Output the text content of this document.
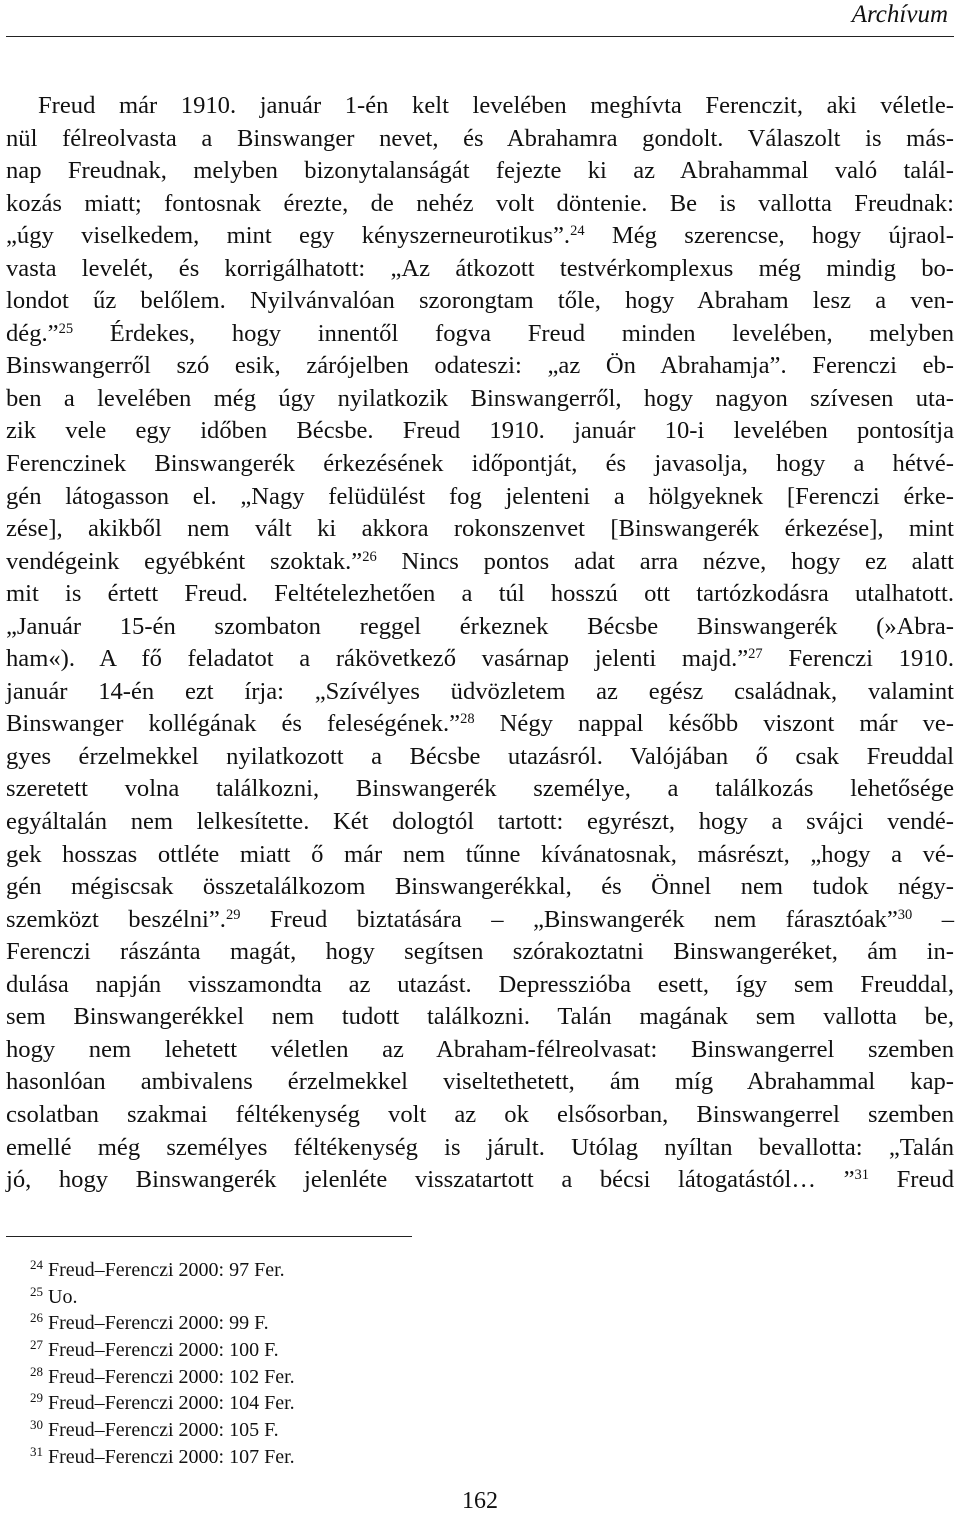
Archívum
Freud már 1910. január 1-én kelt levelében meghívta Ferenczit, aki véletle-
nül félreolvasta a Binswanger nevet, és Abrahamra gondolt. Válaszolt is más-
nap Freudnak, melyben bizonytalanságát fejezte ki az Abrahammal való talál-
kozás miatt; fontosnak érezte, de nehéz volt döntenie. Be is vallotta Freudnak:
„úgy viselkedem, mint egy kényszerneurotikus”.$^{24}$ Még szerencse, hogy újraol-
vasta levelét, és korrigálhatott: „Az átkozott testvérkomplexus még mindig bo-
londot űz belőlem. Nyilvánvalóan szorongtam tőle, hogy Abraham lesz a ven-
dég.”$^{25}$ Érdekes, hogy innentől fogva Freud minden levelében, melyben
Binswangerről szó esik, zárójelben odateszi: „az Ön Abrahamja”. Ferenczi eb-
ben a levelében még úgy nyilatkozik Binswangerről, hogy nagyon szívesen uta-
zik vele egy időben Bécsbe. Freud 1910. január 10-i levelében pontosítja
Ferenczinek Binswangerék érkezésének időpontját, és javasolja, hogy a hétvé-
gén látogasson el. „Nagy felüdülést fog jelenteni a hölgyeknek [Ferenczi érke-
zése], akikből nem vált ki akkora rokonszenvet [Binswangerék érkezése], mint
vendégeink egyébként szoktak.”$^{26}$ Nincs pontos adat arra nézve, hogy ez alatt
mit is értett Freud. Feltételezhetően a túl hosszú ott tartózkodásra utalhatott.
„Január 15-én szombaton reggel érkeznek Bécsbe Binswangerék (»Abra-
ham«). A fő feladatot a rákövetkező vasárnap jelenti majd.”$^{27}$ Ferenczi 1910.
január 14-én ezt írja: „Szívélyes üdvözletem az egész családnak, valamint
Binswanger kollégának és feleségének.”$^{28}$ Négy nappal később viszont már ve-
gyes érzelmekkel nyilatkozott a Bécsbe utazásról. Valójában ő csak Freuddal
szeretett volna találkozni, Binswangerék személye, a találkozás lehetősége
egyáltalán nem lelkesítette. Két dologtól tartott: egyrészt, hogy a svájci vendé-
gek hosszas ottléte miatt ő már nem tűnne kívánatosnak, másrészt, „hogy a vé-
gén mégiscsak összetalálkozom Binswangerékkal, és Önnel nem tudok négy-
szemközt beszélni”.$^{29}$ Freud biztatására – „Binswangerék nem fárasztóak”$^{30}$ –
Ferenczi rászánta magát, hogy segítsen szórakoztatni Binswangeréket, ám in-
dulása napján visszamondta az utazást. Depresszióba esett, így sem Freuddal,
sem Binswangerékkel nem tudott találkozni. Talán magának sem vallotta be,
hogy nem lehetett véletlen az Abraham-félreolvasat: Binswangerrel szemben
hasonlóan ambivalens érzelmekkel viseltethetett, ám míg Abrahammal kap-
csolatban szakmai féltékenység volt az ok elsősorban, Binswangerrel szemben
emellé még személyes féltékenység is járult. Utólag nyíltan bevallotta: „Talán
jó, hogy Binswangerék jelenléte visszatartott a bécsi látogatástól… ”$^{31}$ Freud
$^{24}$ Freud–Ferenczi 2000: 97 Fer.
$^{25}$ Uo.
$^{26}$ Freud–Ferenczi 2000: 99 F.
$^{27}$ Freud–Ferenczi 2000: 100 F.
$^{28}$ Freud–Ferenczi 2000: 102 Fer.
$^{29}$ Freud–Ferenczi 2000: 104 Fer.
$^{30}$ Freud–Ferenczi 2000: 105 F.
$^{31}$ Freud–Ferenczi 2000: 107 Fer.
162
